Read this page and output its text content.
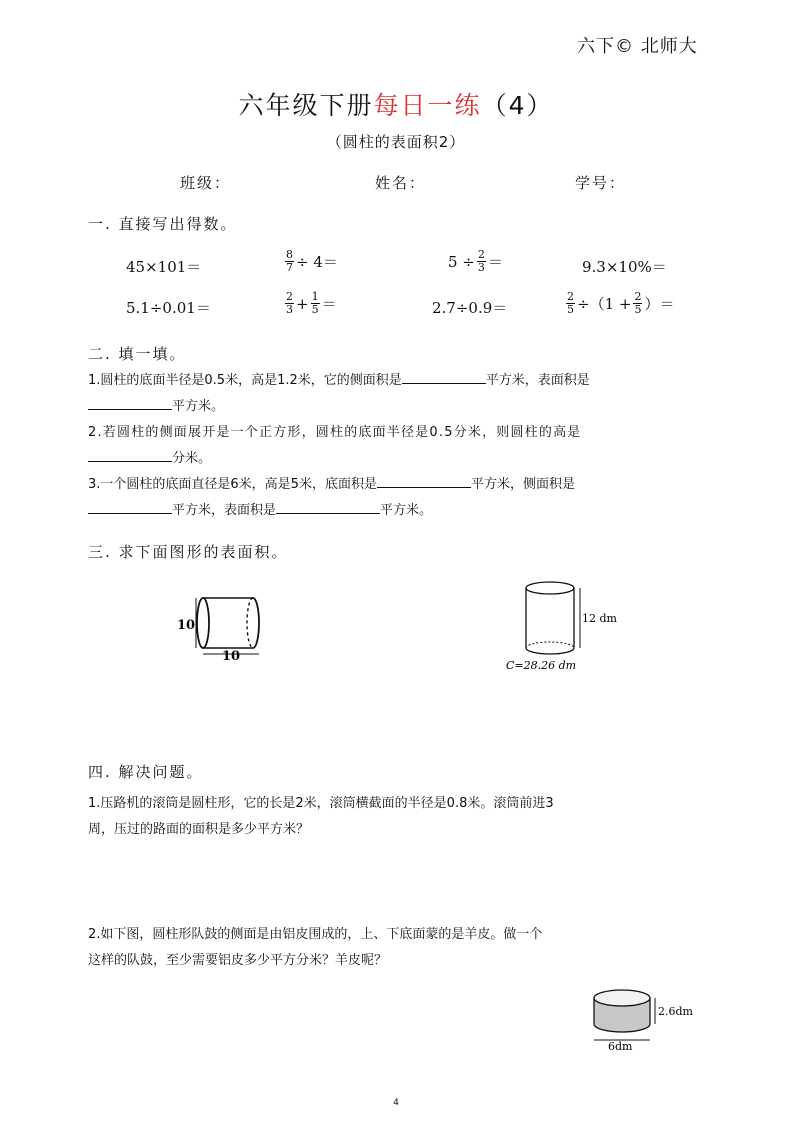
六下© 北师大
六年级下册每日一练（4）
（圆柱的表面积2）
班级：	姓名：	学号：
一. 直接写出得数。
45×101＝	$\frac{8}{7} \div 4=$	$5 \div \frac{2}{3}$ ＝	9.3×10%＝
5.1÷0.01＝	$\frac{2}{3} + \frac{1}{5}$ ＝	2.7÷0.9＝	$\frac{2}{5} \div(1 + \frac{2}{5}$ ）＝
二. 填一填。
1.圆柱的底面半径是0.5米，高是1.2米，它的侧面积是	平方米，表面积是
平方米。
2.若圆柱的侧面展开是一个正方形，圆柱的底面半径是0.5分米，则圆柱的高是
分米。
3.一个圆柱的底面直径是6米，高是5米，底面积是	平方米，侧面积是
平方米，表面积是	平方米。
三. 求下面图形的表面积。
10
10
12 dm
C=28.26 dm
四. 解决问题。
1.压路机的滚筒是圆柱形，它的长是2米，滚筒横截面的半径是0.8米。滚筒前进3
周，压过的路面的面积是多少平方米？
2.如下图，圆柱形队鼓的侧面是由铝皮围成的，上、下底面蒙的是羊皮。做一个
这样的队鼓，至少需要铝皮多少平方分米？羊皮呢？
2.6dm
6dm
4
